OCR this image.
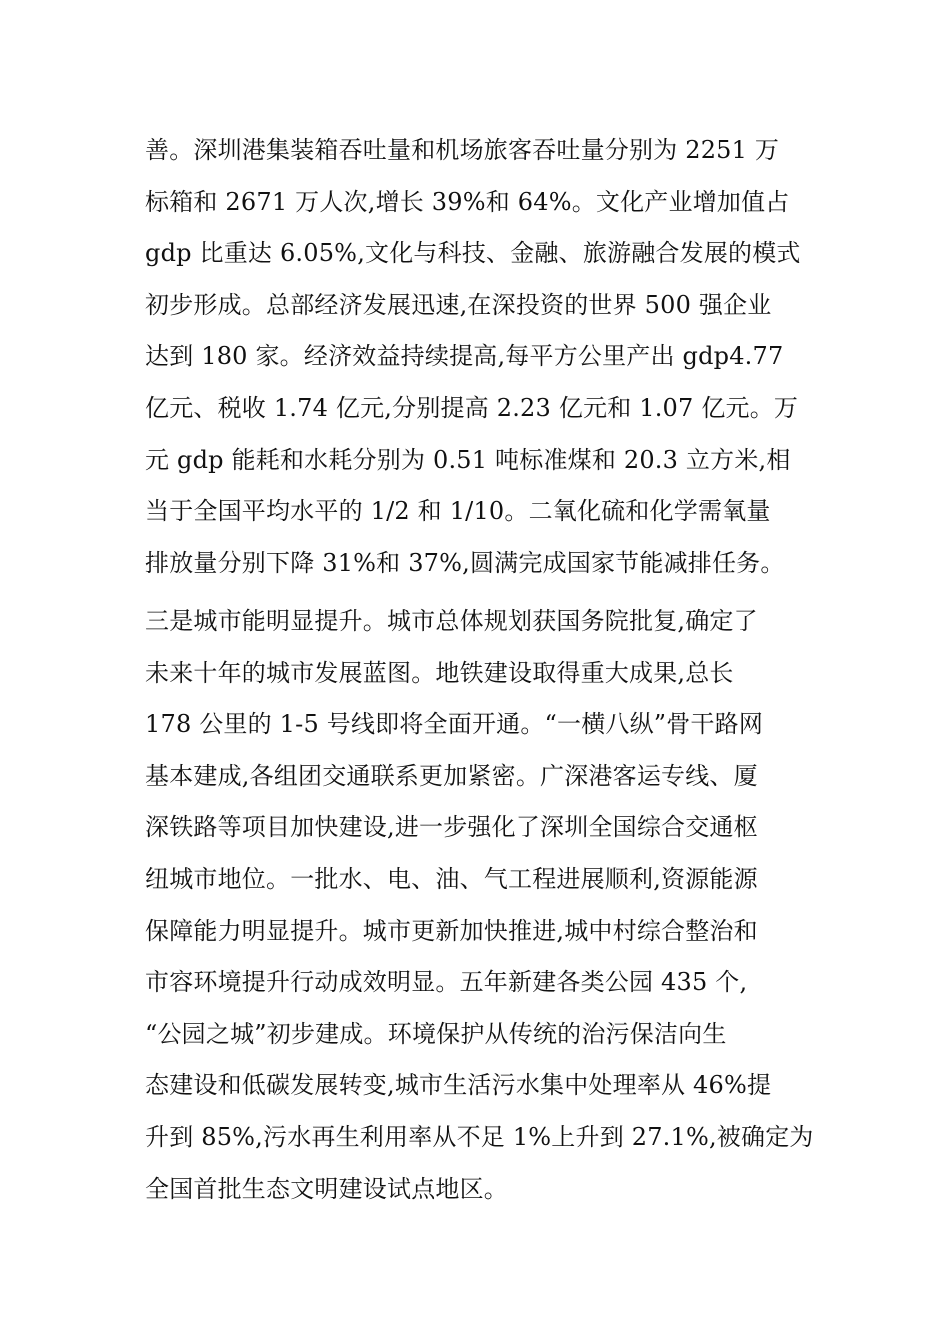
善。深圳港集装箱吞吐量和机场旅客吞吐量分别为 2251 万
标箱和 2671 万人次,增长 39%和 64%。文化产业增加值占
gdp 比重达 6.05%,文化与科技、金融、旅游融合发展的模式
初步形成。总部经济发展迅速,在深投资的世界 500 强企业
达到 180 家。经济效益持续提高,每平方公里产出 gdp4.77
亿元、税收 1.74 亿元,分别提高 2.23 亿元和 1.07 亿元。万
元 gdp 能耗和水耗分别为 0.51 吨标准煤和 20.3 立方米,相
当于全国平均水平的 1/2 和 1/10。二氧化硫和化学需氧量
排放量分别下降 31%和 37%,圆满完成国家节能减排任务。
三是城市能明显提升。城市总体规划获国务院批复,确定了
未来十年的城市发展蓝图。地铁建设取得重大成果,总长
178 公里的 1-5 号线即将全面开通。“一横八纵”骨干路网
基本建成,各组团交通联系更加紧密。广深港客运专线、厦
深铁路等项目加快建设,进一步强化了深圳全国综合交通枢
纽城市地位。一批水、电、油、气工程进展顺利,资源能源
保障能力明显提升。城市更新加快推进,城中村综合整治和
市容环境提升行动成效明显。五年新建各类公园 435 个,
“公园之城”初步建成。环境保护从传统的治污保洁向生
态建设和低碳发展转变,城市生活污水集中处理率从 46%提
升到 85%,污水再生利用率从不足 1%上升到 27.1%,被确定为
全国首批生态文明建设试点地区。
